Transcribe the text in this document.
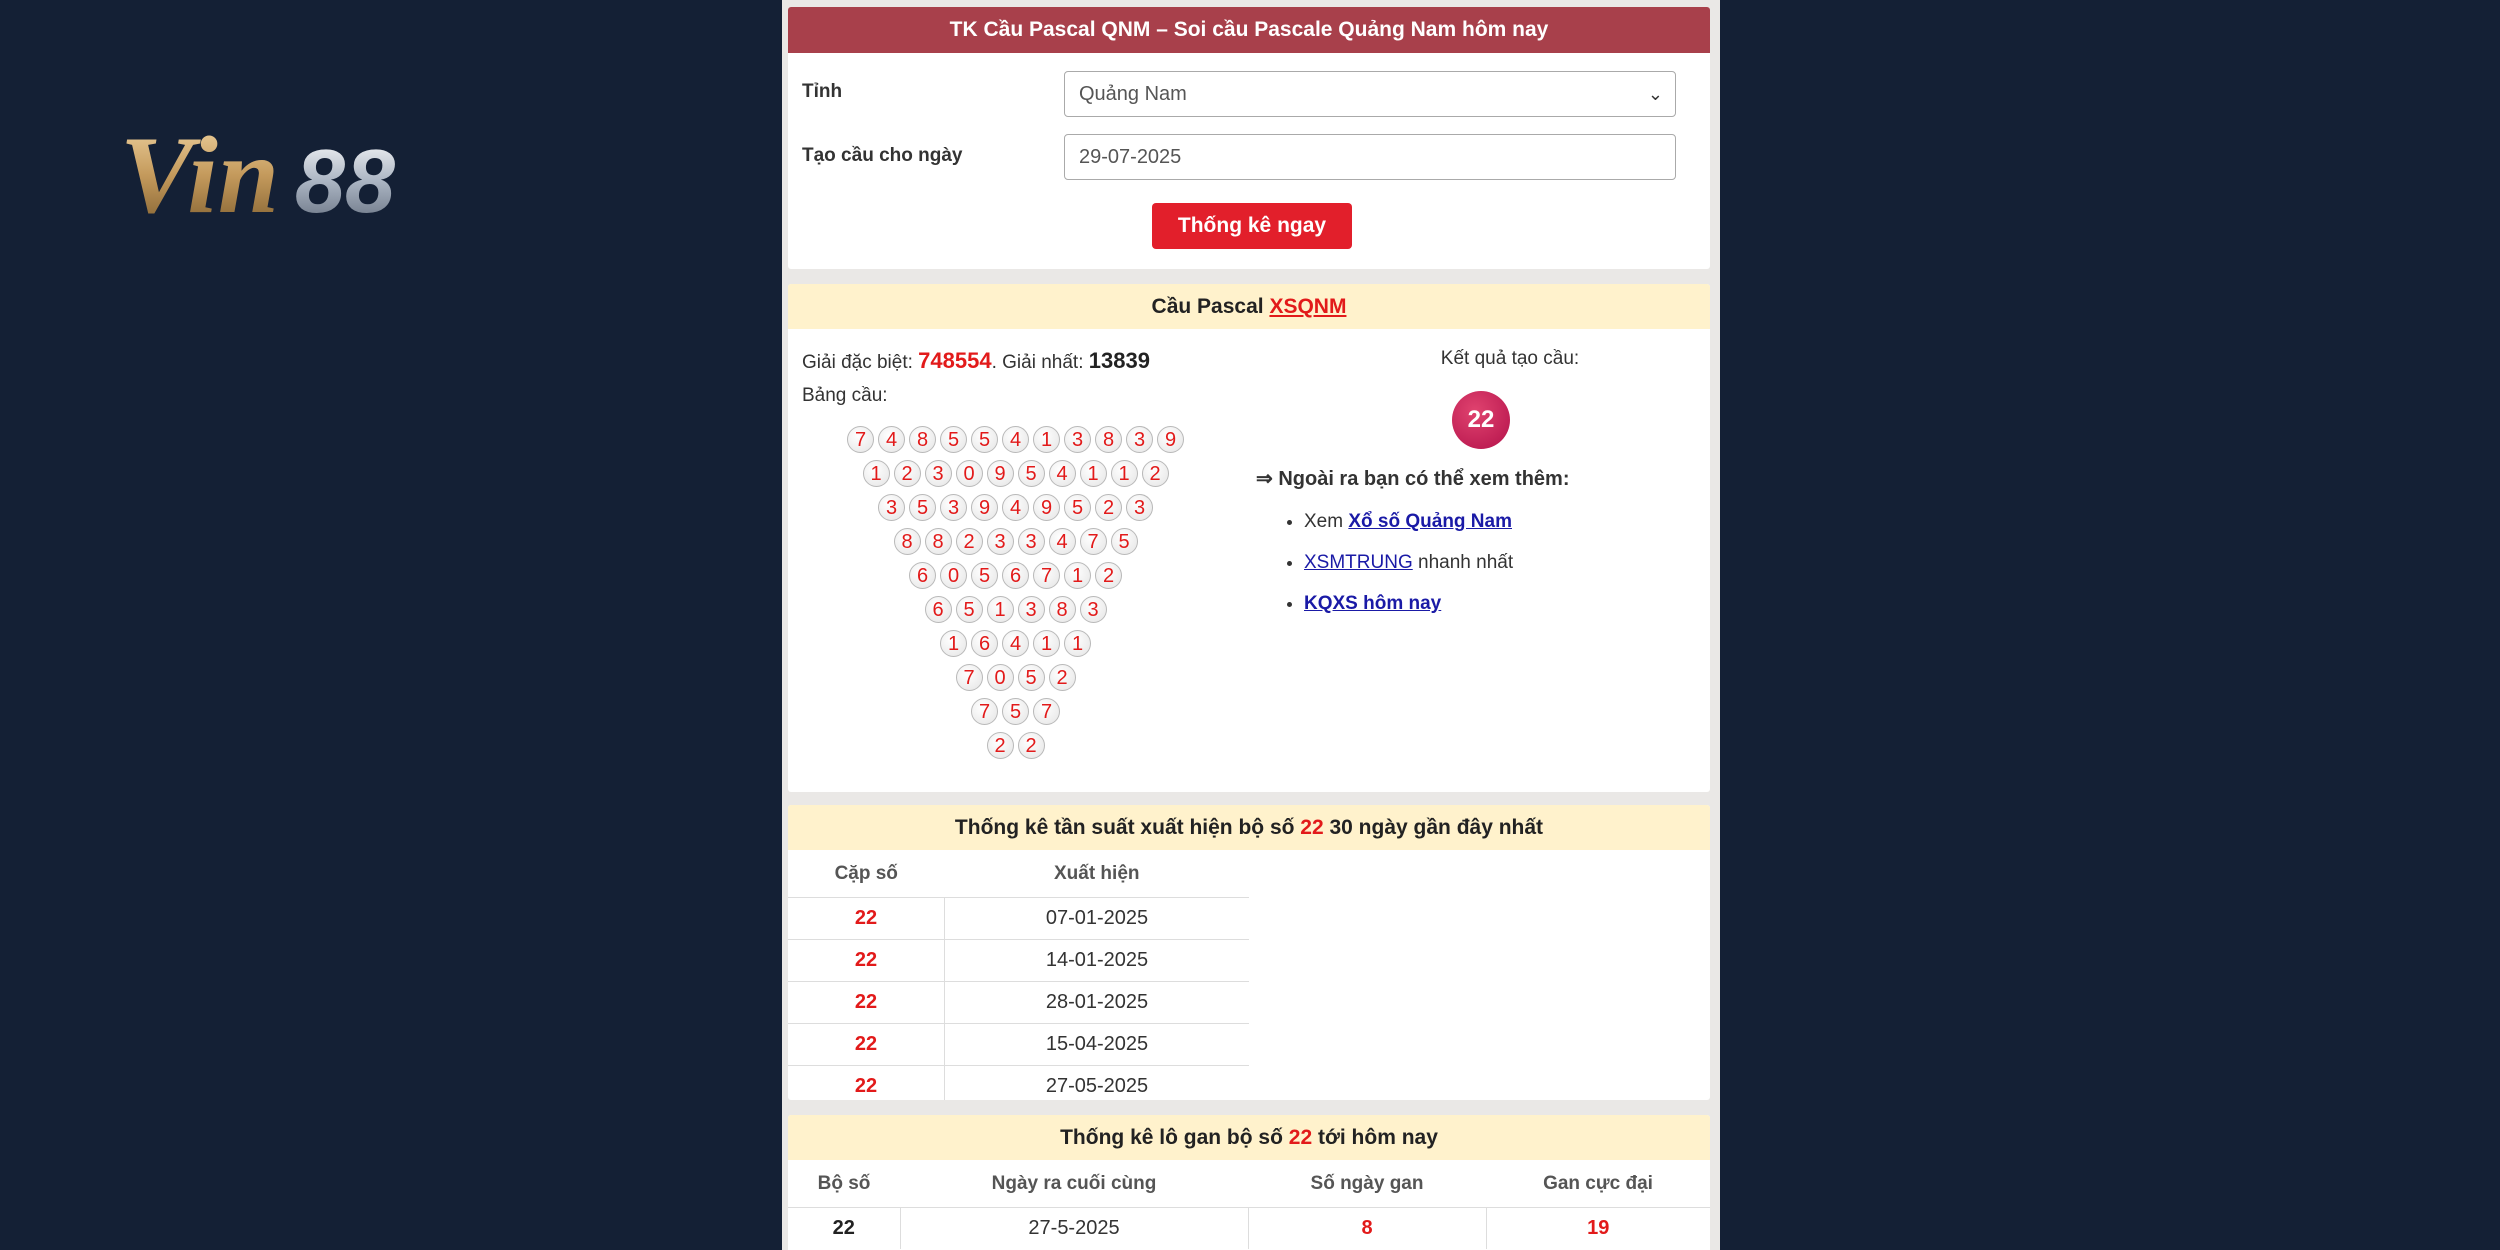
Vin 88
TK Cầu Pascal QNM – Soi cầu Pascale Quảng Nam hôm nay
Tỉnh	Quảng Nam	⌄
Tạo cầu cho ngày	29-07-2025
Thống kê ngay
Cầu Pascal XSQNM
Giải đặc biệt: 748554. Giải nhất: 13839
Bảng cầu:
7 4 8 5 5 4 1 3 8 3 9
1 2 3 0 9 5 4 1 1 2
3 5 3 9 4 9 5 2 3
8 8 2 3 3 4 7 5
6 0 5 6 7 1 2
6 5 1 3 8 3
1 6 4 1 1
7 0 5 2
7 5 7
2 2
Kết quả tạo cầu:
22
⇒ Ngoài ra bạn có thể xem thêm:
• Xem Xổ số Quảng Nam
• XSMTRUNG nhanh nhất
• KQXS hôm nay
Thống kê tần suất xuất hiện bộ số 22 30 ngày gần đây nhất
Cặp số	Xuất hiện
22	07-01-2025
22	14-01-2025
22	28-01-2025
22	15-04-2025
22	27-05-2025
Thống kê lô gan bộ số 22 tới hôm nay
Bộ số	Ngày ra cuối cùng	Số ngày gan	Gan cực đại
22	27-5-2025	8	19
